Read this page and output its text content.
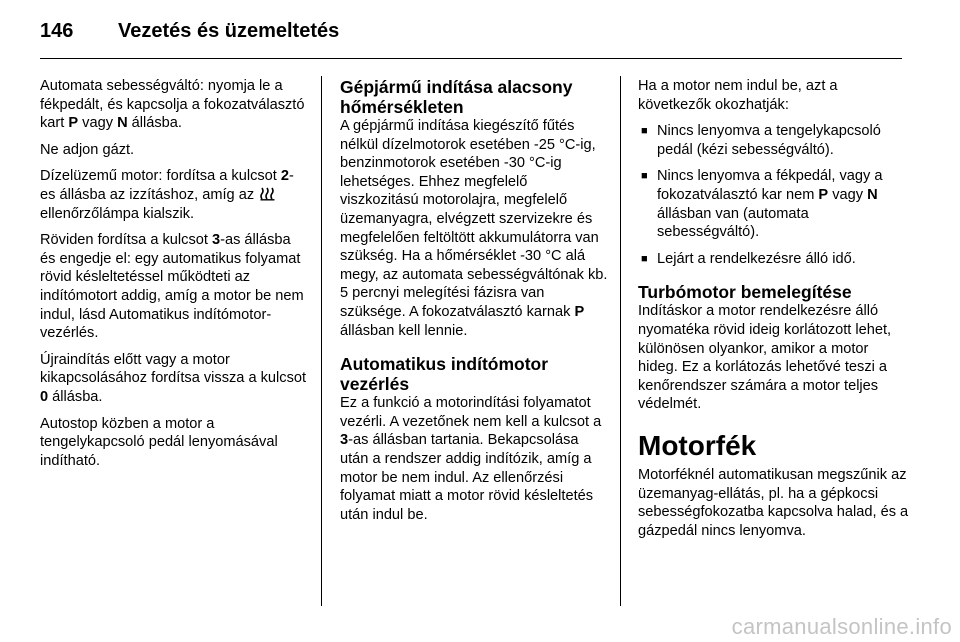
146 Vezetés és üzemeltetés

Automata sebességváltó: nyomja le a fékpedált, és kapcsolja a fokozatválasztó kart P vagy N állásba.

Ne adjon gázt.

Dízelüzemű motor: fordítsa a kulcsot 2-es állásba az izzításhoz, amíg az  ellenőrzőlámpa kialszik.

Röviden fordítsa a kulcsot 3-as állásba és engedje el: egy automatikus folyamat rövid késleltetéssel működteti az indítómotort addig, amíg a motor be nem indul, lásd Automatikus indítómotor-vezérlés.

Újraindítás előtt vagy a motor kikapcsolásához fordítsa vissza a kulcsot 0 állásba.

Autostop közben a motor a tengelykapcsoló pedál lenyomásával indítható.

Gépjármű indítása alacsony hőmérsékleten

A gépjármű indítása kiegészítő fűtés nélkül dízelmotorok esetében -25 °C-ig, benzinmotorok esetében -30 °C-ig lehetséges. Ehhez megfelelő viszkozitású motorolajra, megfelelő üzemanyagra, elvégzett szervizekre és megfelelően feltöltött akkumulátorra van szükség. Ha a hőmérséklet -30 °C alá megy, az automata sebességváltónak kb. 5 percnyi melegítési fázisra van szüksége. A fokozatválasztó karnak P állásban kell lennie.

Automatikus indítómotor vezérlés

Ez a funkció a motorindítási folyamatot vezérli. A vezetőnek nem kell a kulcsot a 3-as állásban tartania. Bekapcsolása után a rendszer addig indítózik, amíg a motor be nem indul. Az ellenőrzési folyamat miatt a motor rövid késleltetés után indul be.

Ha a motor nem indul be, azt a következők okozhatják:

■ Nincs lenyomva a tengelykapcsoló pedál (kézi sebességváltó).
■ Nincs lenyomva a fékpedál, vagy a fokozatválasztó kar nem P vagy N állásban van (automata sebességváltó).
■ Lejárt a rendelkezésre álló idő.
Turbómotor bemelegítése

Indításkor a motor rendelkezésre álló nyomatéka rövid ideig korlátozott lehet, különösen olyankor, amikor a motor hideg. Ez a korlátozás lehetővé teszi a kenőrendszer számára a motor teljes védelmét.

Motorfék

Motorféknél automatikusan megszűnik az üzemanyag-ellátás, pl. ha a gépkocsi sebességfokozatba kapcsolva halad, és a gázpedál nincs lenyomva.

carmanualsonline.info
